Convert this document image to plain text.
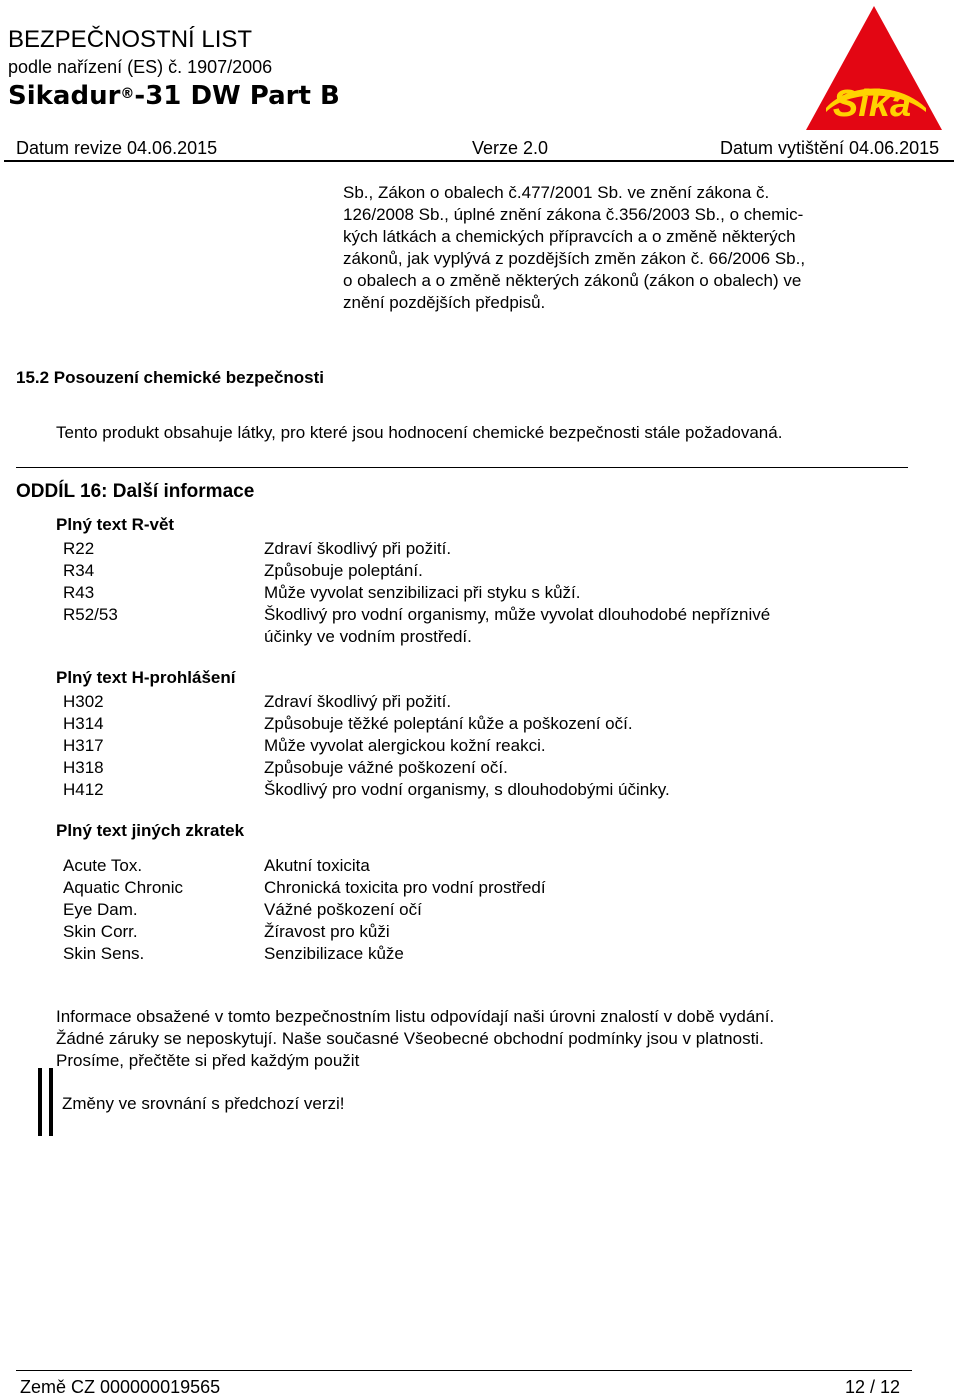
BEZPEČNOSTNÍ LIST
podle nařízení (ES) č. 1907/2006
Sikadur®-31 DW Part B	Sika
Datum revize 04.06.2015	Verze 2.0	Datum vytištění 04.06.2015
Sb., Zákon o obalech č.477/2001 Sb. ve znění zákona č.
126/2008 Sb., úplné znění zákona č.356/2003 Sb., o chemic-
kých látkách a chemických přípravcích a o změně některých
zákonů, jak vyplývá z pozdějších změn zákon č. 66/2006 Sb.,
o obalech a o změně některých zákonů (zákon o obalech) ve
znění pozdějších předpisů.
15.2 Posouzení chemické bezpečnosti
Tento produkt obsahuje látky, pro které jsou hodnocení chemické bezpečnosti stále požadovaná.
ODDÍL 16: Další informace
Plný text R-vět
R22	Zdraví škodlivý při požití.
R34	Způsobuje poleptání.
R43	Může vyvolat senzibilizaci při styku s kůží.
R52/53	Škodlivý pro vodní organismy, může vyvolat dlouhodobé nepříznivé
účinky ve vodním prostředí.
Plný text H-prohlášení
H302	Zdraví škodlivý při požití.
H314	Způsobuje těžké poleptání kůže a poškození očí.
H317	Může vyvolat alergickou kožní reakci.
H318	Způsobuje vážné poškození očí.
H412	Škodlivý pro vodní organismy, s dlouhodobými účinky.
Plný text jiných zkratek
Acute Tox.	Akutní toxicita
Aquatic Chronic	Chronická toxicita pro vodní prostředí
Eye Dam.	Vážné poškození očí
Skin Corr.	Žíravost pro kůži
Skin Sens.	Senzibilizace kůže
Informace obsažené v tomto bezpečnostním listu odpovídají naši úrovni znalostí v době vydání.
Žádné záruky se neposkytují. Naše současné Všeobecné obchodní podmínky jsou v platnosti.
Prosíme, přečtěte si před každým použit
Změny ve srovnání s předchozí verzi!
Země CZ 000000019565	12 / 12
